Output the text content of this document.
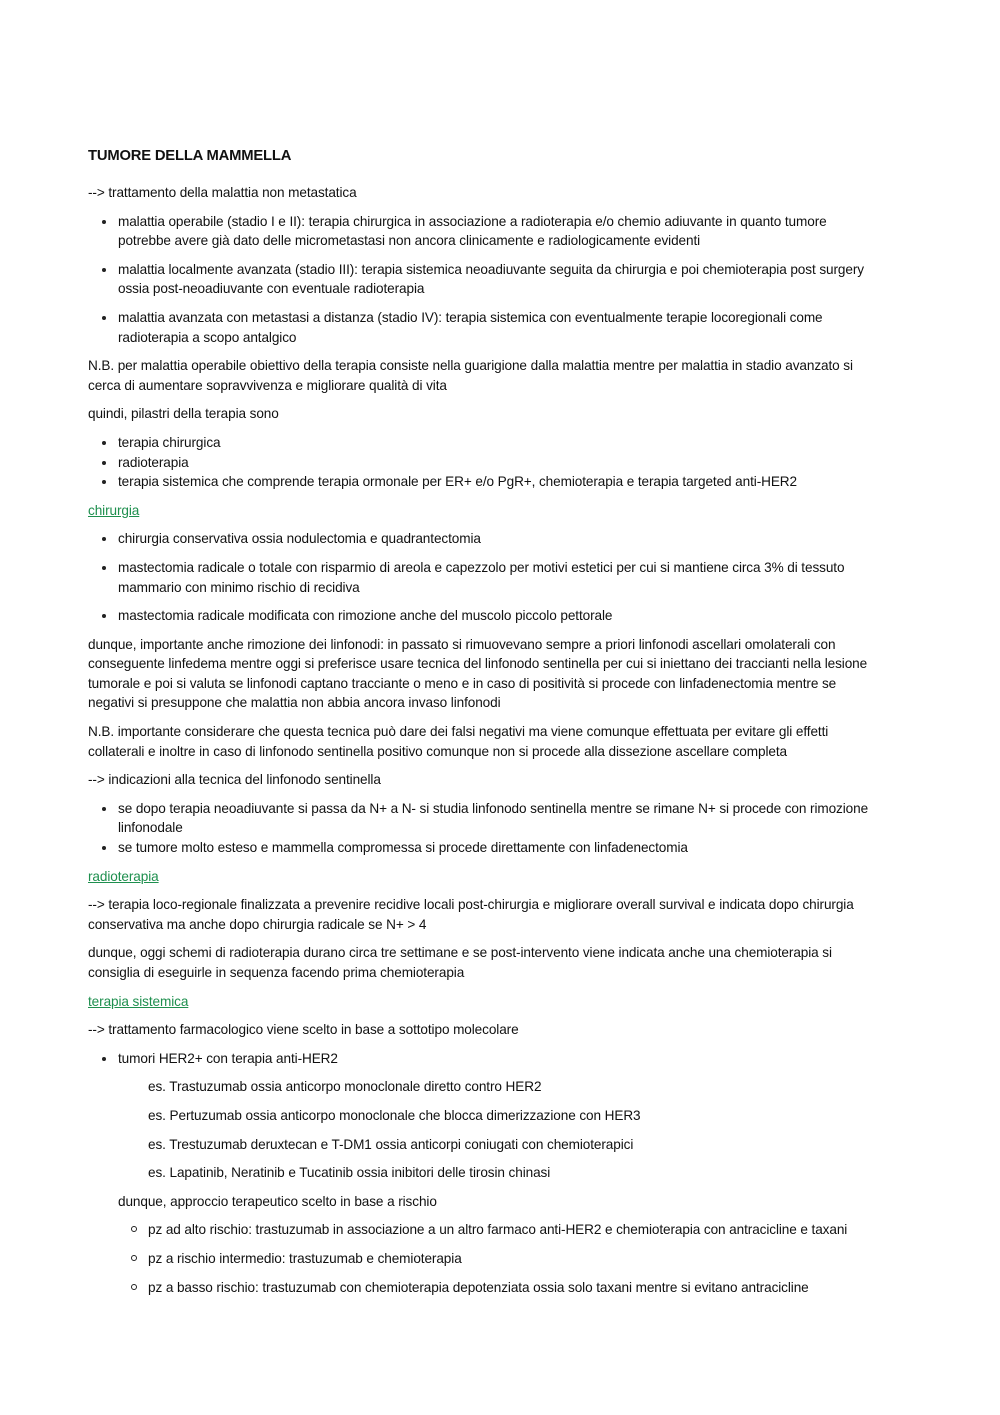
TUMORE DELLA MAMMELLA

--> trattamento della malattia non metastatica

malattia operabile (stadio I e II): terapia chirurgica in associazione a radioterapia e/o chemio adiuvante in quanto tumore potrebbe avere già dato delle micrometastasi non ancora clinicamente e radiologicamente evidenti
malattia localmente avanzata (stadio III): terapia sistemica neoadiuvante seguita da chirurgia e poi chemioterapia post surgery ossia post-neoadiuvante con eventuale radioterapia
malattia avanzata con metastasi a distanza (stadio IV): terapia sistemica con eventualmente terapie locoregionali come radioterapia a scopo antalgico

N.B. per malattia operabile obiettivo della terapia consiste nella guarigione dalla malattia mentre per malattia in stadio avanzato si cerca di aumentare sopravvivenza e migliorare qualità di vita

quindi, pilastri della terapia sono

terapia chirurgica
radioterapia
terapia sistemica che comprende terapia ormonale per ER+ e/o PgR+, chemioterapia e terapia targeted anti-HER2

chirurgia

chirurgia conservativa ossia nodulectomia e quadrantectomia
mastectomia radicale o totale con risparmio di areola e capezzolo per motivi estetici per cui si mantiene circa 3% di tessuto mammario con minimo rischio di recidiva
mastectomia radicale modificata con rimozione anche del muscolo piccolo pettorale

dunque, importante anche rimozione dei linfonodi: in passato si rimuovevano sempre a priori linfonodi ascellari omolaterali con conseguente linfedema mentre oggi si preferisce usare tecnica del linfonodo sentinella per cui si iniettano dei traccianti nella lesione tumorale e poi si valuta se linfonodi captano tracciante o meno e in caso di positività si procede con linfadenectomia mentre se negativi si presuppone che malattia non abbia ancora invaso linfonodi

N.B. importante considerare che questa tecnica può dare dei falsi negativi ma viene comunque effettuata per evitare gli effetti collaterali e inoltre in caso di linfonodo sentinella positivo comunque non si procede alla dissezione ascellare completa

--> indicazioni alla tecnica del linfonodo sentinella

se dopo terapia neoadiuvante si passa da N+ a N- si studia linfonodo sentinella mentre se rimane N+ si procede con rimozione linfonodale
se tumore molto esteso e mammella compromessa si procede direttamente con linfadenectomia

radioterapia

--> terapia loco-regionale finalizzata a prevenire recidive locali post-chirurgia e migliorare overall survival e indicata dopo chirurgia conservativa ma anche dopo chirurgia radicale se N+ > 4

dunque, oggi schemi di radioterapia durano circa tre settimane e se post-intervento viene indicata anche una chemioterapia si consiglia di eseguirle in sequenza facendo prima chemioterapia

terapia sistemica

--> trattamento farmacologico viene scelto in base a sottotipo molecolare

tumori HER2+ con terapia anti-HER2

es. Trastuzumab ossia anticorpo monoclonale diretto contro HER2

es. Pertuzumab ossia anticorpo monoclonale che blocca dimerizzazione con HER3

es. Trestuzumab deruxtecan e T-DM1 ossia anticorpi coniugati con chemioterapici

es. Lapatinib, Neratinib e Tucatinib ossia inibitori delle tirosin chinasi

dunque, approccio terapeutico scelto in base a rischio

pz ad alto rischio: trastuzumab in associazione a un altro farmaco anti-HER2 e chemioterapia con antracicline e taxani
pz a rischio intermedio: trastuzumab e chemioterapia
pz a basso rischio: trastuzumab con chemioterapia depotenziata ossia solo taxani mentre si evitano antracicline
